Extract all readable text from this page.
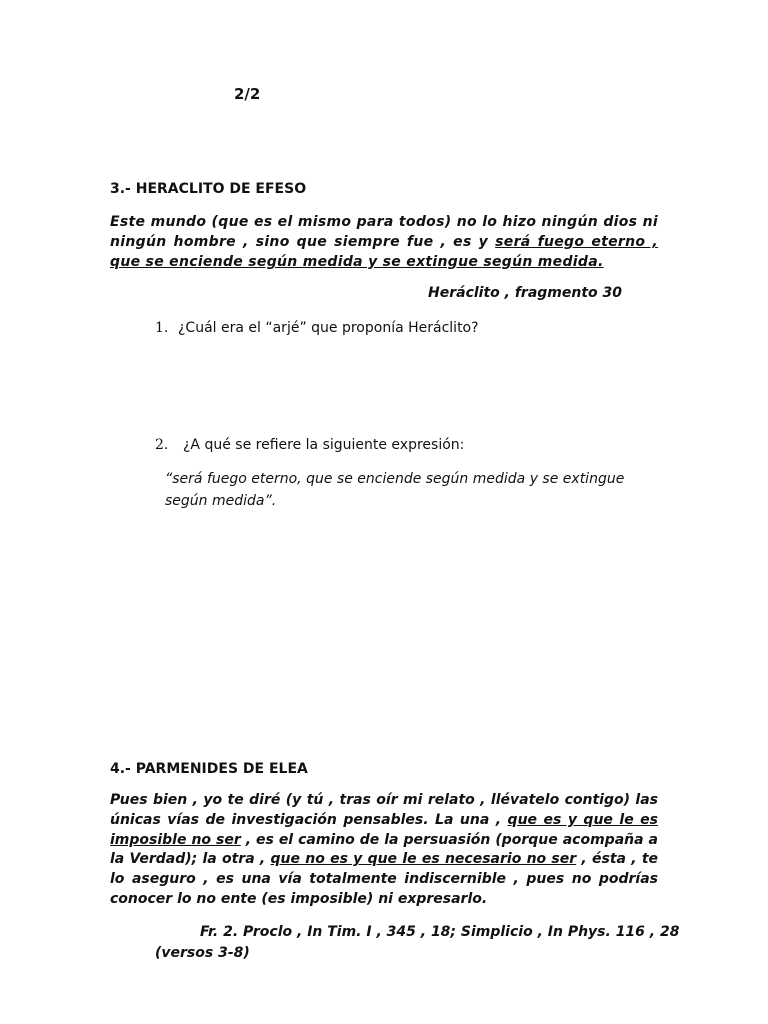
2/2
3.- HERACLITO DE EFESO
Este mundo (que es el mismo para todos) no lo hizo ningún dios ni ningún hombre , sino que siempre fue , es y será fuego eterno , que se enciende según medida y se extingue según medida.
Heráclito , fragmento 30
1. ¿Cuál era el “arjé” que proponía Heráclito?
2. ¿A qué se refiere la siguiente expresión:
“será fuego eterno, que se enciende según medida y se extingue según medida”.
4.- PARMENIDES DE ELEA
Pues bien , yo te diré (y tú , tras oír mi relato , llévatelo contigo) las únicas vías de investigación pensables. La una , que es y que le es imposible no ser , es el camino de la persuasión (porque acompaña a la Verdad); la otra , que no es y que le es necesario no ser , ésta , te lo aseguro , es una vía totalmente indiscernible , pues no podrías conocer lo no ente (es imposible) ni expresarlo.
Fr. 2. Proclo , In Tim. I , 345 , 18; Simplicio , In Phys. 116 , 28
(versos 3-8)
